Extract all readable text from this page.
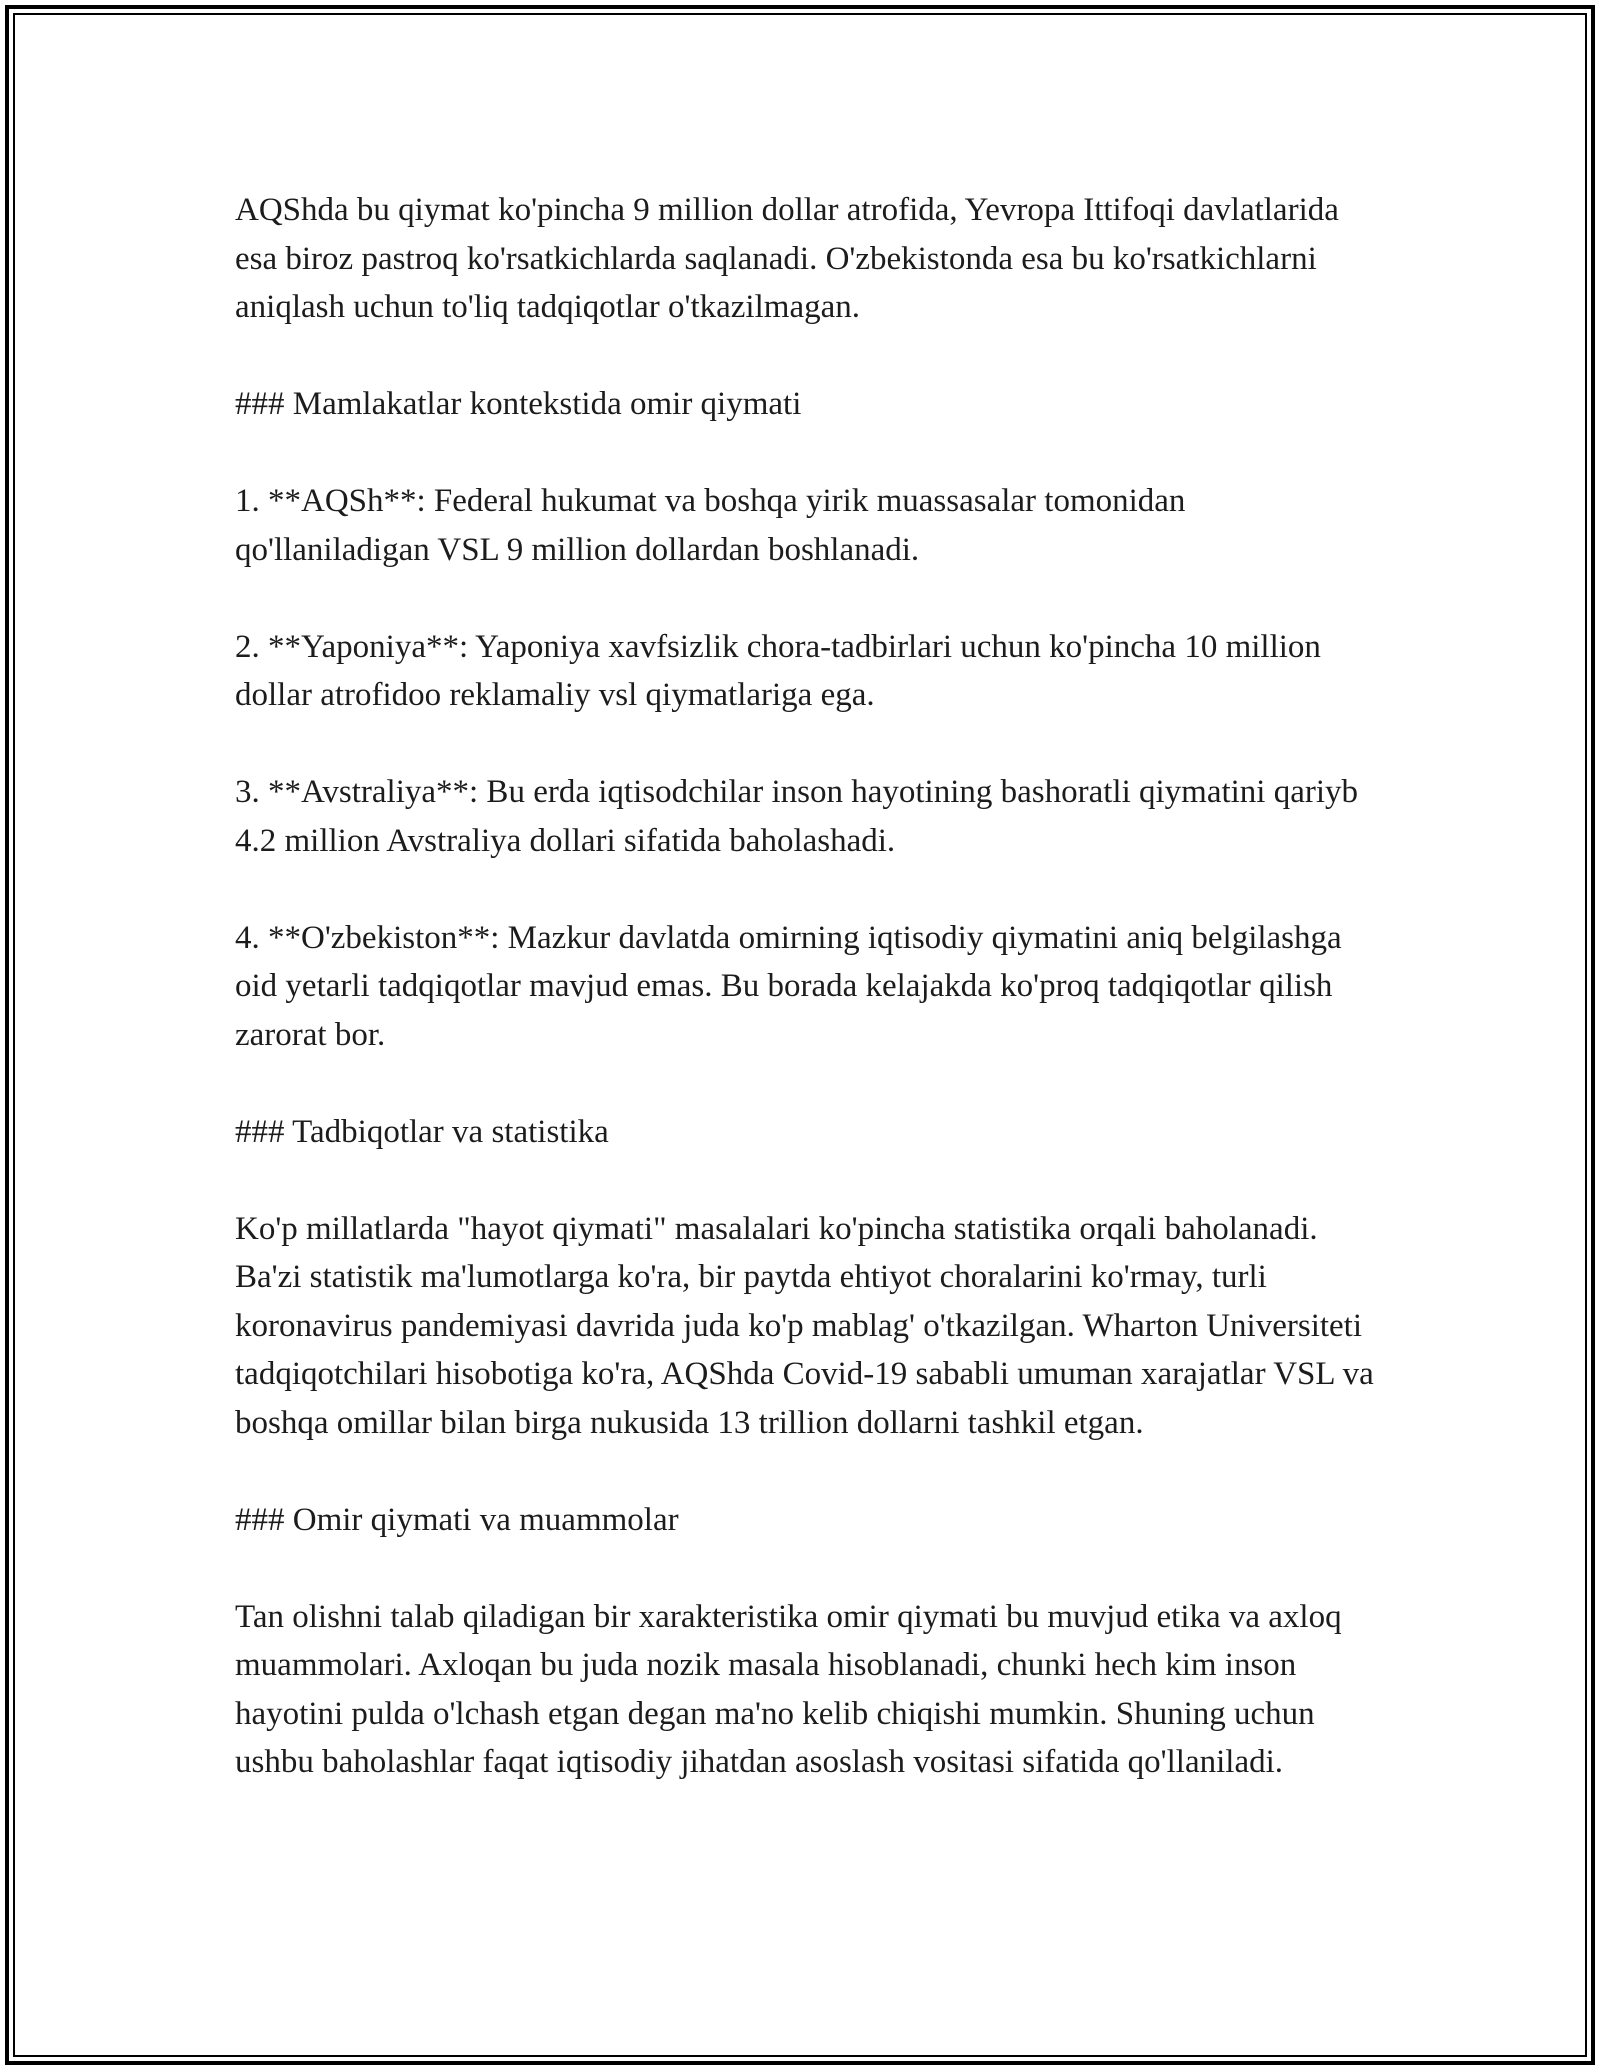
AQShda bu qiymat ko'pincha 9 million dollar atrofida, Yevropa Ittifoqi davlatlarida esa biroz pastroq ko'rsatkichlarda saqlanadi. O'zbekistonda esa bu ko'rsatkichlarni aniqlash uchun to'liq tadqiqotlar o'tkazilmagan.

### Mamlakatlar kontekstida omir qiymati

1. **AQSh**: Federal hukumat va boshqa yirik muassasalar tomonidan qo'llaniladigan VSL 9 million dollardan boshlanadi.

2. **Yaponiya**: Yaponiya xavfsizlik chora-tadbirlari uchun ko'pincha 10 million dollar atrofidoo reklamaliy vsl qiymatlariga ega.

3. **Avstraliya**: Bu erda iqtisodchilar inson hayotining bashoratli qiymatini qariyb 4.2 million Avstraliya dollari sifatida baholashadi.

4. **O'zbekiston**: Mazkur davlatda omirning iqtisodiy qiymatini aniq belgilashga oid yetarli tadqiqotlar mavjud emas. Bu borada kelajakda ko'proq tadqiqotlar qilish zarorat bor.

### Tadbiqotlar va statistika

Ko'p millatlarda "hayot qiymati" masalalari ko'pincha statistika orqali baholanadi. Ba'zi statistik ma'lumotlarga ko'ra, bir paytda ehtiyot choralarini ko'rmay, turli koronavirus pandemiyasi davrida juda ko'p mablag' o'tkazilgan. Wharton Universiteti tadqiqotchilari hisobotiga ko'ra, AQShda Covid-19 sababli umuman xarajatlar VSL va boshqa omillar bilan birga nukusida 13 trillion dollarni tashkil etgan.

### Omir qiymati va muammolar

Tan olishni talab qiladigan bir xarakteristika omir qiymati bu muvjud etika va axloq muammolari. Axloqan bu juda nozik masala hisoblanadi, chunki hech kim inson hayotini pulda o'lchash etgan degan ma'no kelib chiqishi mumkin. Shuning uchun ushbu baholashlar faqat iqtisodiy jihatdan asoslash vositasi sifatida qo'llaniladi.
